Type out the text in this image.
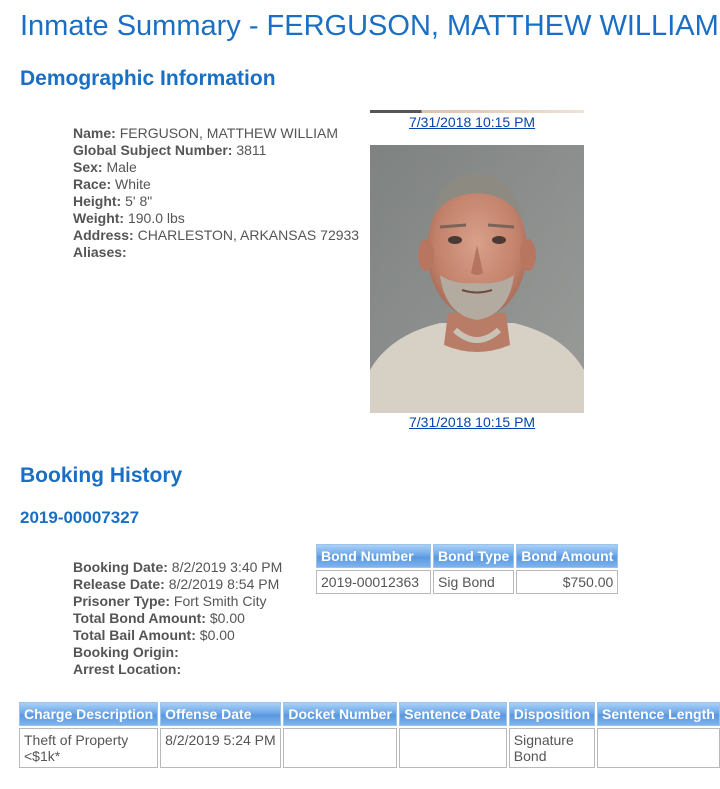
Inmate Summary - FERGUSON, MATTHEW WILLIAM
Demographic Information
Name: FERGUSON, MATTHEW WILLIAM
Global Subject Number: 3811
Sex: Male
Race: White
Height: 5' 8"
Weight: 190.0 lbs
Address: CHARLESTON, ARKANSAS 72933
Aliases:
7/31/2018 10:15 PM
7/31/2018 10:15 PM
Booking History
2019-00007327
Booking Date: 8/2/2019 3:40 PM
Release Date: 8/2/2019 8:54 PM
Prisoner Type: Fort Smith City
Total Bond Amount: $0.00
Total Bail Amount: $0.00
Booking Origin:
Arrest Location:
Bond Number	Bond Type	Bond Amount
2019-00012363	Sig Bond	$750.00
Charge Description	Offense Date	Docket Number	Sentence Date	Disposition	Sentence Length
Theft of Property <$1k*	8/2/2019 5:24 PM			Signature Bond	
